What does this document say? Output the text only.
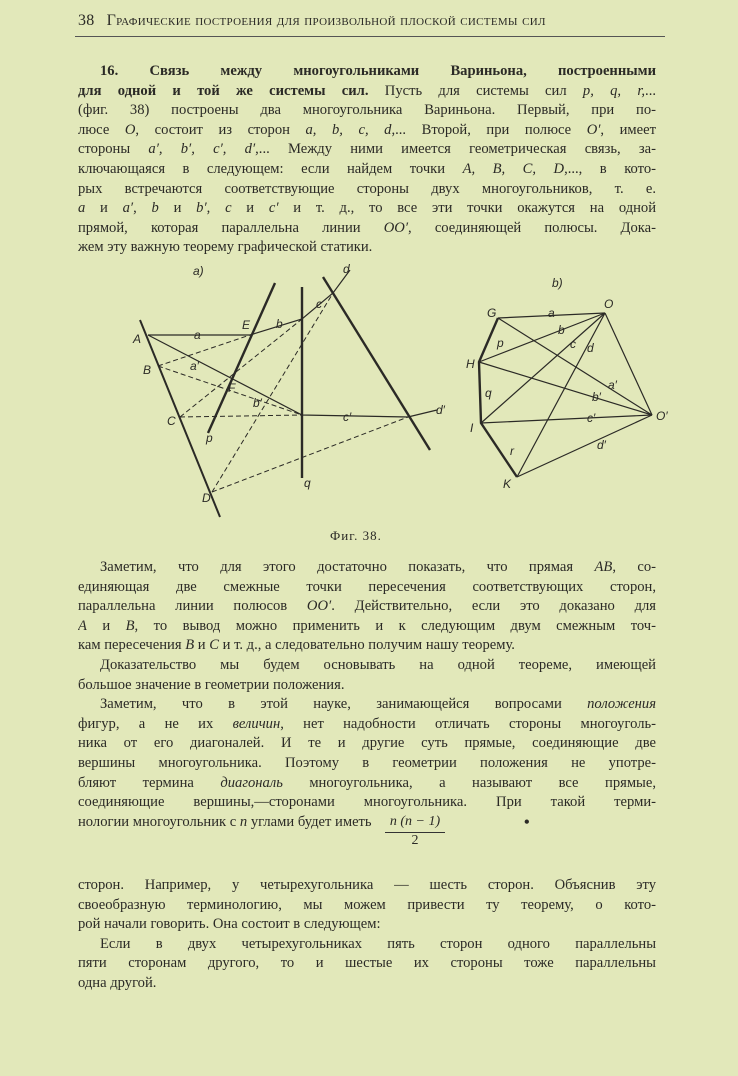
38 Графические построения для произвольной плоской системы сил
16. Связь между многоугольниками Вариньона, построенными
для одной и той же системы сил. Пусть для системы сил p, q, r,...
(фиг. 38) построены два многоугольника Вариньона. Первый, при по-
люсе O, состоит из сторон a, b, c, d,... Второй, при полюсе O′, имеет
стороны a′, b′, c′, d′,... Между ними имеется геометрическая связь, за-
ключающаяся в следующем: если найдем точки A, B, C, D,..., в кото-
рых встречаются соответствующие стороны двух многоугольников, т. е.
a и a′, b и b′, c и c′ и т. д., то все эти точки окажутся на одной
прямой, которая параллельна линии OO′, соединяющей полюсы. Дока-
жем эту важную теорему графической статики.
a)
A
B
C
D
E
F
a
b
c
d
a′
b′
c′	d′
p
q
b)
G
O
H
I
K
O′
a
b
c d
a′
b′
c′
d′
p
q
r
Фиг. 38.
Заметим, что для этого достаточно показать, что прямая AB, со-
единяющая две смежные точки пересечения соответствующих сторон,
параллельна линии полюсов OO′. Действительно, если это доказано для
A и B, то вывод можно применить и к следующим двум смежным точ-
кам пересечения B и C и т. д., а следовательно получим нашу теорему.
Доказательство мы будем основывать на одной теореме, имеющей
большое значение в геометрии положения.
Заметим, что в этой науке, занимающейся вопросами положения
фигур, а не их величин, нет надобности отличать стороны многоуголь-
ника от его диагоналей. И те и другие суть прямые, соединяющие две
вершины многоугольника. Поэтому в геометрии положения не употре-
бляют термина диагональ многоугольника, а называют все прямые,
соединяющие вершины,—сторонами многоугольника. При такой терми-
нологии многоугольник с n углами будет иметь $\frac{n (n - 1)}{2}$	•
сторон. Например, у четырехугольника — шесть сторон. Объяснив эту
своеобразную терминологию, мы можем привести ту теорему, о кото-
рой начали говорить. Она состоит в следующем:
Если в двух четырехугольниках пять сторон одного параллельны
пяти сторонам другого, то и шестые их стороны тоже параллельны
одна другой.
